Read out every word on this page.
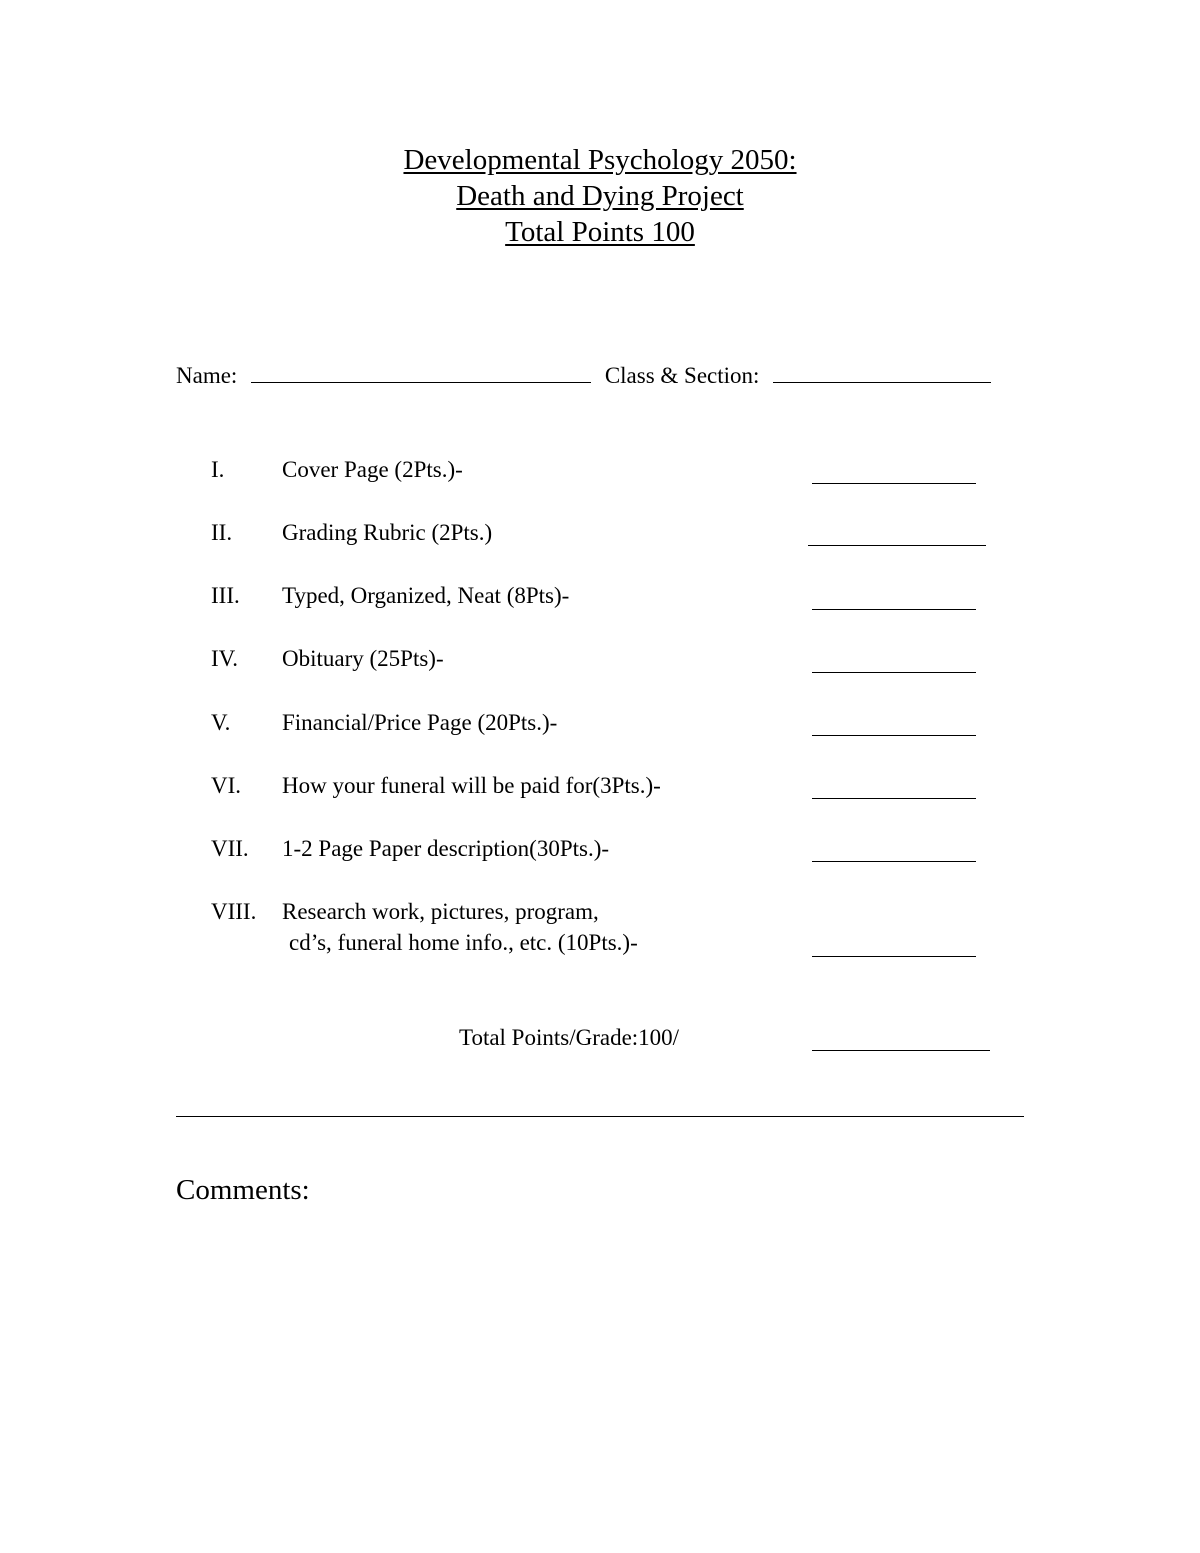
Developmental Psychology 2050:
Death and Dying Project
Total Points 100
Name:	Class & Section:
I.	Cover Page (2Pts.)-
II. Grading Rubric (2Pts.)
III. Typed, Organized, Neat (8Pts)-
IV. Obituary (25Pts)-
V. Financial/Price Page (20Pts.)-
VI. How your funeral will be paid for(3Pts.)-
VII. 1-2 Page Paper description(30Pts.)-
VIII. Research work, pictures, program,
cd’s, funeral home info., etc. (10Pts.)-
Total Points/Grade:100/
Comments:
